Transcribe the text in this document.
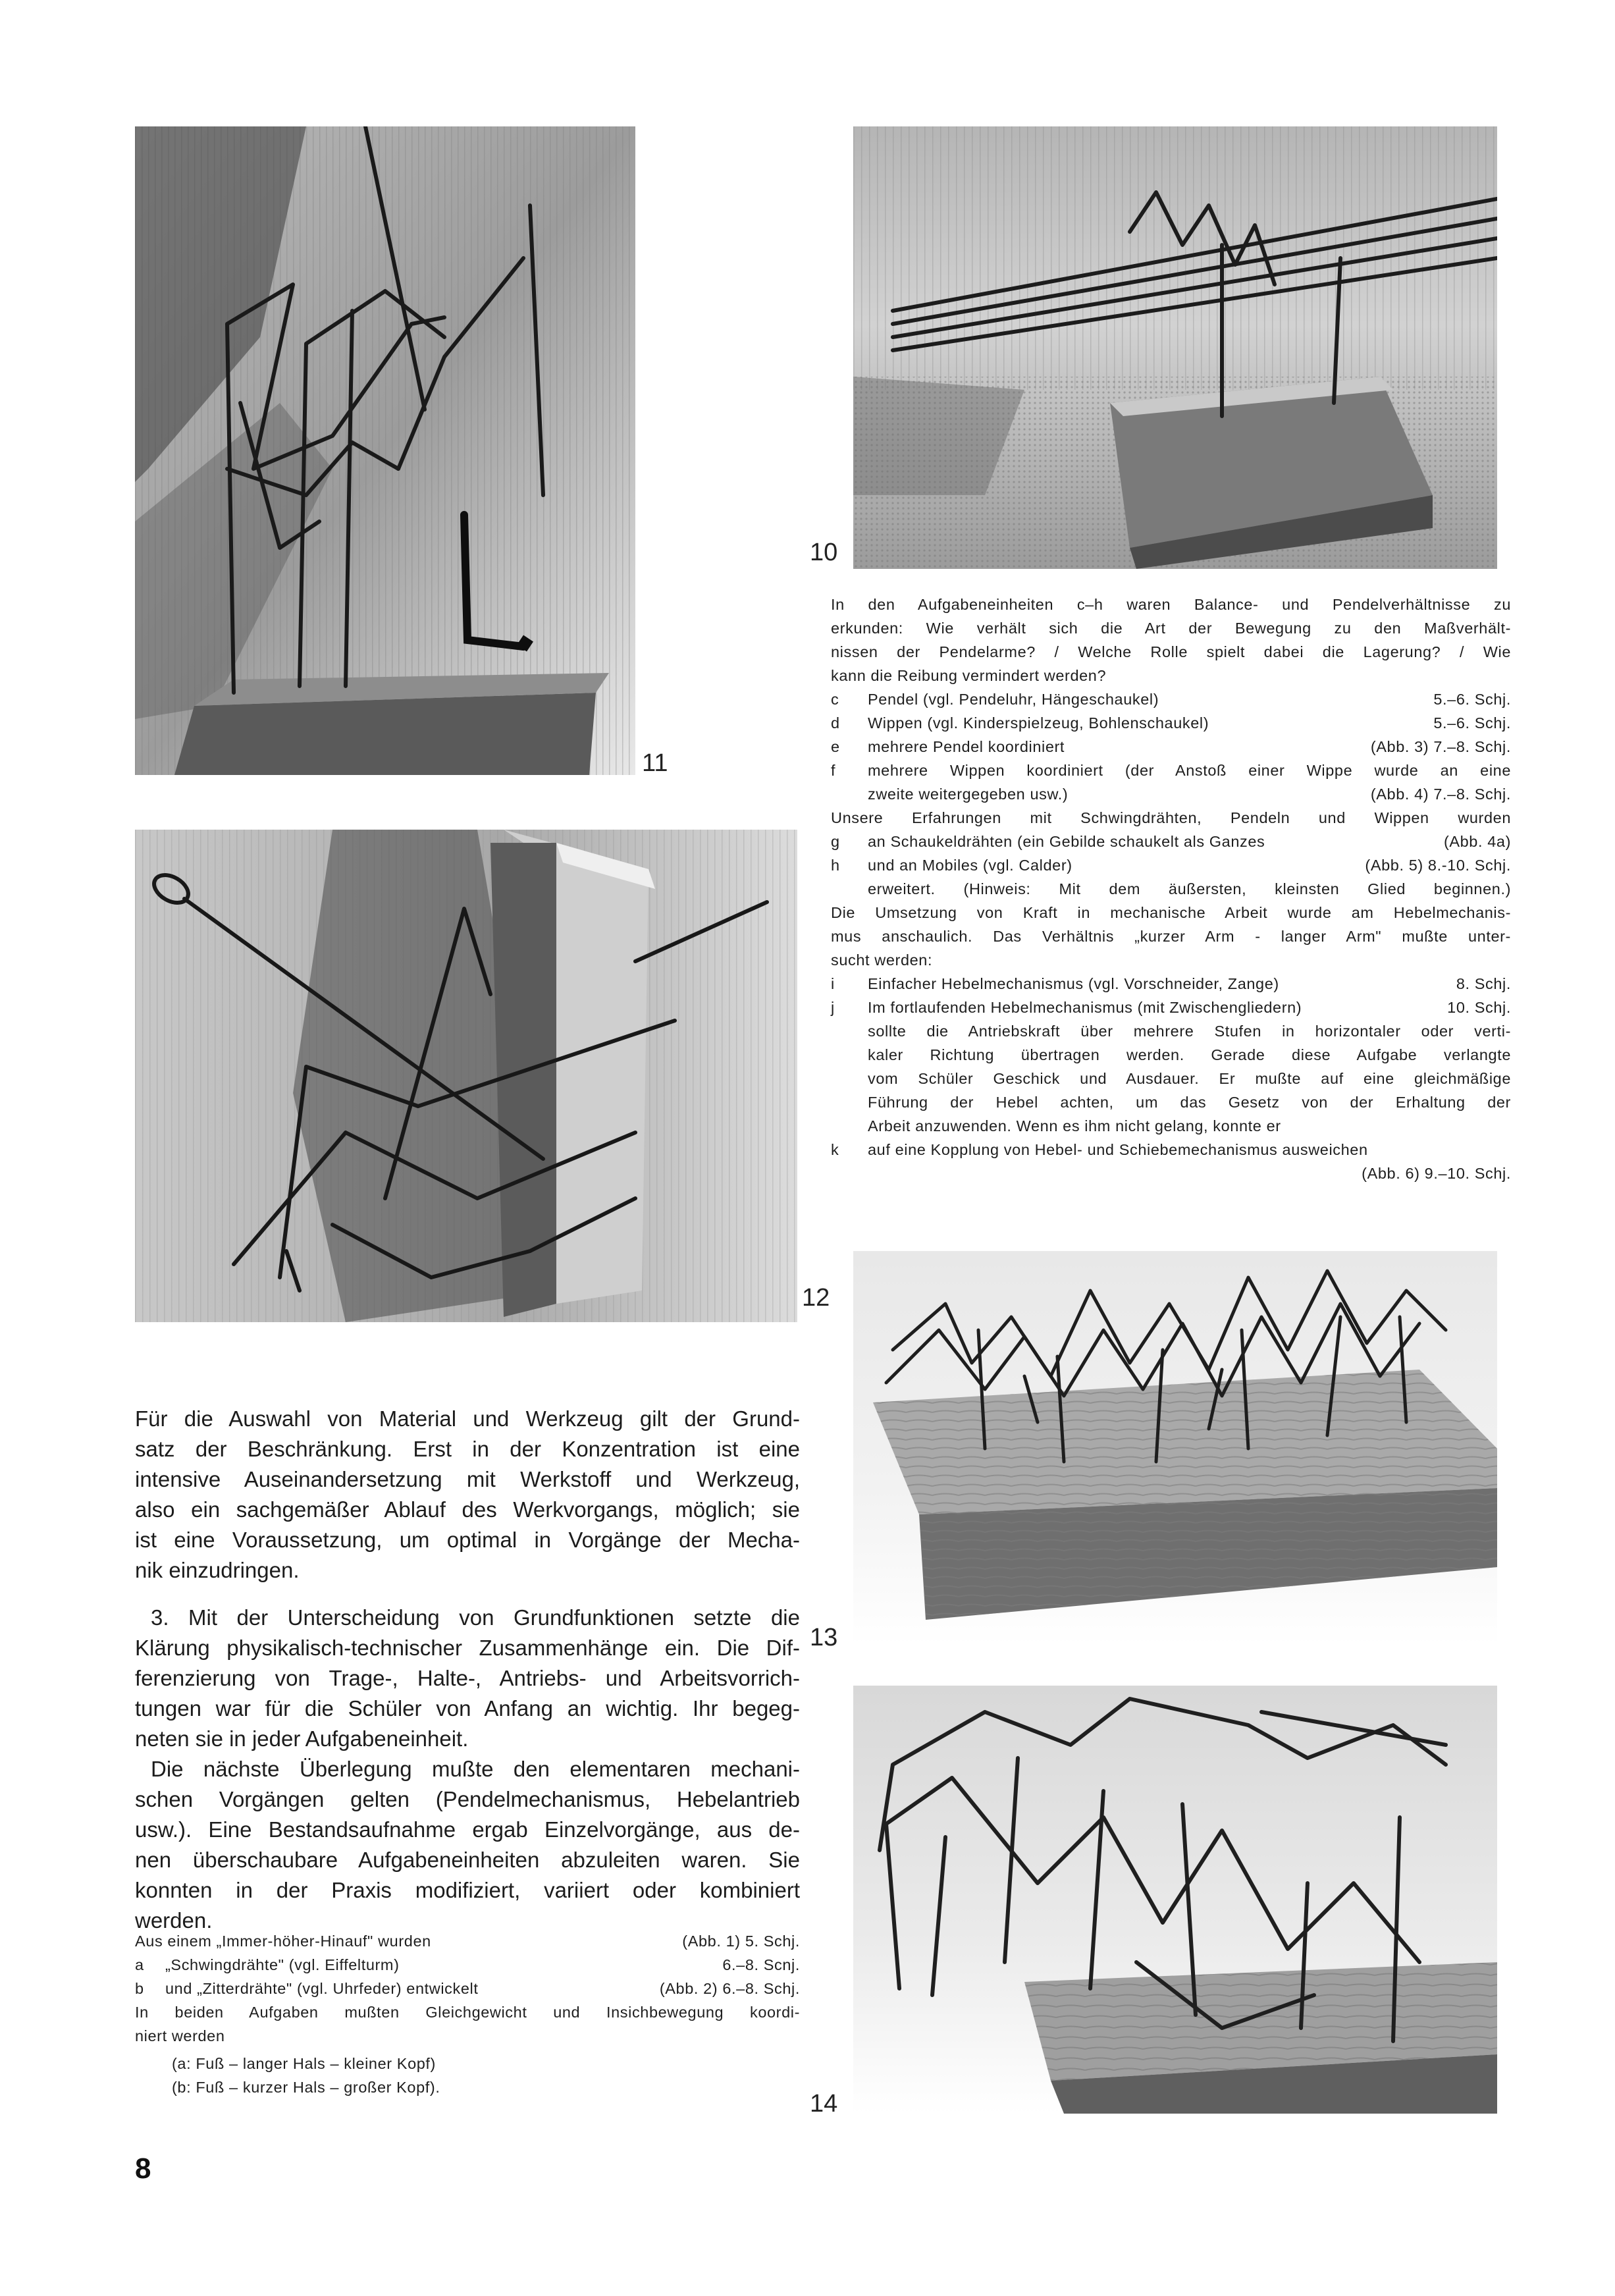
10
11
12
13
14
In den Aufgabeneinheiten c–h waren Balance- und Pendelverhältnisse zu
erkunden: Wie verhält sich die Art der Bewegung zu den Maßverhält-
nissen der Pendelarme? / Welche Rolle spielt dabei die Lagerung? / Wie
kann die Reibung vermindert werden?
c Pendel (vgl. Pendeluhr, Hängeschaukel)	5.–6. Schj.
d Wippen (vgl. Kinderspielzeug, Bohlenschaukel)	5.–6. Schj.
e mehrere Pendel koordiniert	(Abb. 3) 7.–8. Schj.
f mehrere Wippen koordiniert (der Anstoß einer Wippe wurde an eine
zweite weitergegeben usw.)	(Abb. 4) 7.–8. Schj.
Unsere Erfahrungen mit Schwingdrähten, Pendeln und Wippen wurden
g an Schaukeldrähten (ein Gebilde schaukelt als Ganzes	(Abb. 4a)
h und an Mobiles (vgl. Calder)	(Abb. 5) 8.-10. Schj.
erweitert. (Hinweis: Mit dem äußersten, kleinsten Glied beginnen.)
Die Umsetzung von Kraft in mechanische Arbeit wurde am Hebelmechanis-
mus anschaulich. Das Verhältnis „kurzer Arm - langer Arm" mußte unter-
sucht werden:
i Einfacher Hebelmechanismus (vgl. Vorschneider, Zange)	8. Schj.
j Im fortlaufenden Hebelmechanismus (mit Zwischengliedern)	10. Schj.
sollte die Antriebskraft über mehrere Stufen in horizontaler oder verti-
kaler Richtung übertragen werden. Gerade diese Aufgabe verlangte
vom Schüler Geschick und Ausdauer. Er mußte auf eine gleichmäßige
Führung der Hebel achten, um das Gesetz von der Erhaltung der
Arbeit anzuwenden. Wenn es ihm nicht gelang, konnte er
k auf eine Kopplung von Hebel- und Schiebemechanismus ausweichen
(Abb. 6) 9.–10. Schj.
Für die Auswahl von Material und Werkzeug gilt der Grund-
satz der Beschränkung. Erst in der Konzentration ist eine
intensive Auseinandersetzung mit Werkstoff und Werkzeug,
also ein sachgemäßer Ablauf des Werkvorgangs, möglich; sie
ist eine Voraussetzung, um optimal in Vorgänge der Mecha-
nik einzudringen.
3. Mit der Unterscheidung von Grundfunktionen setzte die
Klärung physikalisch-technischer Zusammenhänge ein. Die Dif-
ferenzierung von Trage-, Halte-, Antriebs- und Arbeitsvorrich-
tungen war für die Schüler von Anfang an wichtig. Ihr begeg-
neten sie in jeder Aufgabeneinheit.
Die nächste Überlegung mußte den elementaren mechani-
schen Vorgängen gelten (Pendelmechanismus, Hebelantrieb
usw.). Eine Bestandsaufnahme ergab Einzelvorgänge, aus de-
nen überschaubare Aufgabeneinheiten abzuleiten waren. Sie
konnten in der Praxis modifiziert, variiert oder kombiniert
werden.
Aus einem „Immer-höher-Hinauf" wurden	(Abb. 1) 5. Schj.
a „Schwingdrähte" (vgl. Eiffelturm)	6.–8. Scnj.
b und „Zitterdrähte" (vgl. Uhrfeder) entwickelt	(Abb. 2) 6.–8. Schj.
In beiden Aufgaben mußten Gleichgewicht und Insichbewegung koordi-
niert werden
(a: Fuß – langer Hals – kleiner Kopf)
(b: Fuß – kurzer Hals – großer Kopf).
8
